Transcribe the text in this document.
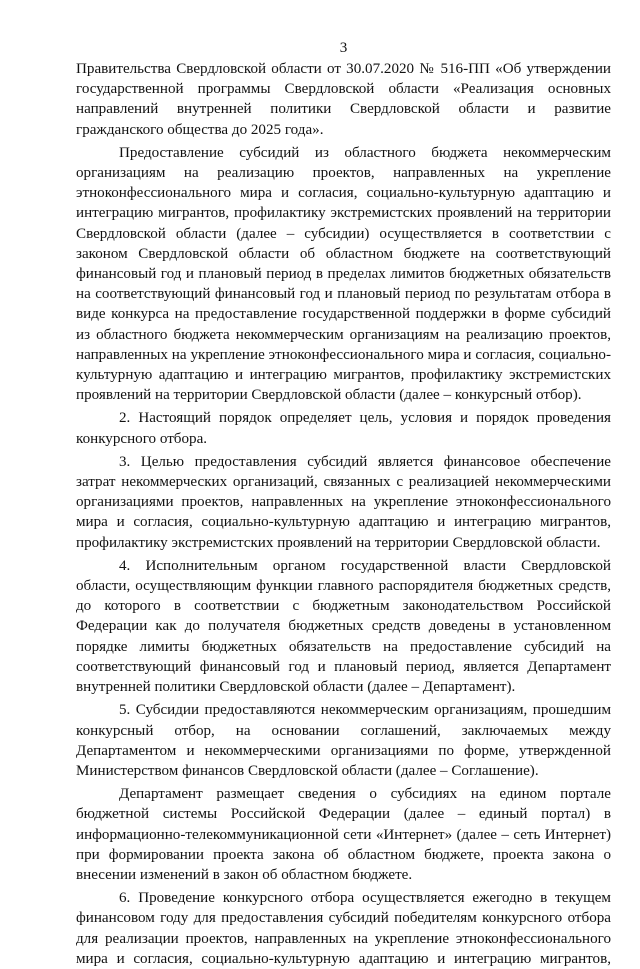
3

Правительства Свердловской области от 30.07.2020 № 516-ПП «Об утверждении государственной программы Свердловской области «Реализация основных направлений внутренней политики Свердловской области и развитие гражданского общества до 2025 года».

Предоставление субсидий из областного бюджета некоммерческим организациям на реализацию проектов, направленных на укрепление этноконфессионального мира и согласия, социально-культурную адаптацию и интеграцию мигрантов, профилактику экстремистских проявлений на территории Свердловской области (далее – субсидии) осуществляется в соответствии с законом Свердловской области об областном бюджете на соответствующий финансовый год и плановый период в пределах лимитов бюджетных обязательств на соответствующий финансовый год и плановый период по результатам отбора в виде конкурса на предоставление государственной поддержки в форме субсидий из областного бюджета некоммерческим организациям на реализацию проектов, направленных на укрепление этноконфессионального мира и согласия, социально-культурную адаптацию и интеграцию мигрантов, профилактику экстремистских проявлений на территории Свердловской области (далее – конкурсный отбор).

2. Настоящий порядок определяет цель, условия и порядок проведения конкурсного отбора.

3. Целью предоставления субсидий является финансовое обеспечение затрат некоммерческих организаций, связанных с реализацией некоммерческими организациями проектов, направленных на укрепление этноконфессионального мира и согласия, социально-культурную адаптацию и интеграцию мигрантов, профилактику экстремистских проявлений на территории Свердловской области.

4. Исполнительным органом государственной власти Свердловской области, осуществляющим функции главного распорядителя бюджетных средств, до которого в соответствии с бюджетным законодательством Российской Федерации как до получателя бюджетных средств доведены в установленном порядке лимиты бюджетных обязательств на предоставление субсидий на соответствующий финансовый год и плановый период, является Департамент внутренней политики Свердловской области (далее – Департамент).

5. Субсидии предоставляются некоммерческим организациям, прошедшим конкурсный отбор, на основании соглашений, заключаемых между Департаментом и некоммерческими организациями по форме, утвержденной Министерством финансов Свердловской области (далее – Соглашение).

Департамент размещает сведения о субсидиях на едином портале бюджетной системы Российской Федерации (далее – единый портал) в информационно-телекоммуникационной сети «Интернет» (далее – сеть Интернет) при формировании проекта закона об областном бюджете, проекта закона о внесении изменений в закон об областном бюджете.

6. Проведение конкурсного отбора осуществляется ежегодно в текущем финансовом году для предоставления субсидий победителям конкурсного отбора для реализации проектов, направленных на укрепление этноконфессионального мира и согласия, социально-культурную адаптацию и интеграцию мигрантов,
